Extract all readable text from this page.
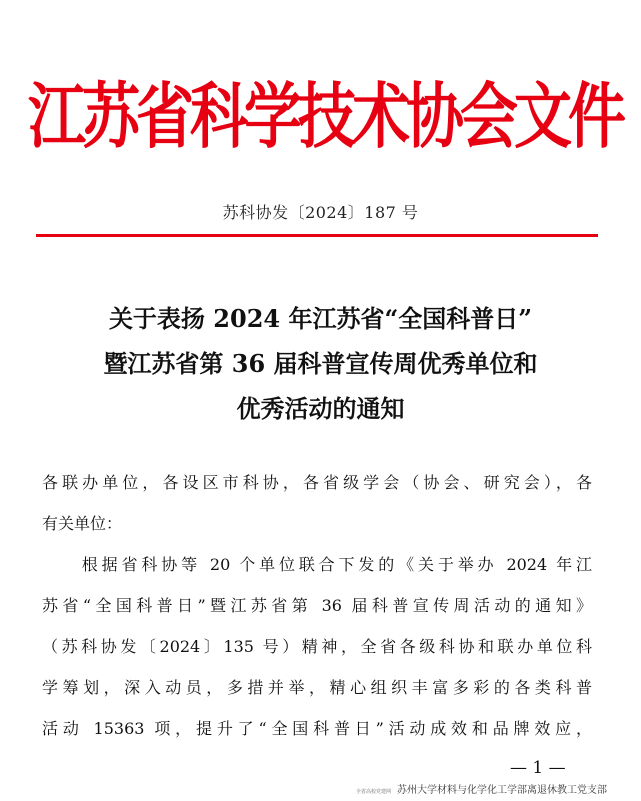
江苏省科学技术协会文件
苏科协发〔2024〕187 号
关于表扬 2024 年江苏省“全国科普日”
暨江苏省第 36 届科普宣传周优秀单位和
优秀活动的通知
各联办单位，各设区市科协，各省级学会（协会、研究会），各
有关单位：
　　根据省科协等 20 个单位联合下发的《关于举办 2024 年江
苏省“全国科普日”暨江苏省第 36 届科普宣传周活动的通知》
（苏科协发〔2024〕135 号）精神，全省各级科协和联办单位科
学筹划，深入动员，多措并举，精心组织丰富多彩的各类科普
活动 15363 项，提升了“全国科普日”活动成效和品牌效应，
— 1 —
全省高校党建网 苏州大学材料与化学化工学部离退休教工党支部
